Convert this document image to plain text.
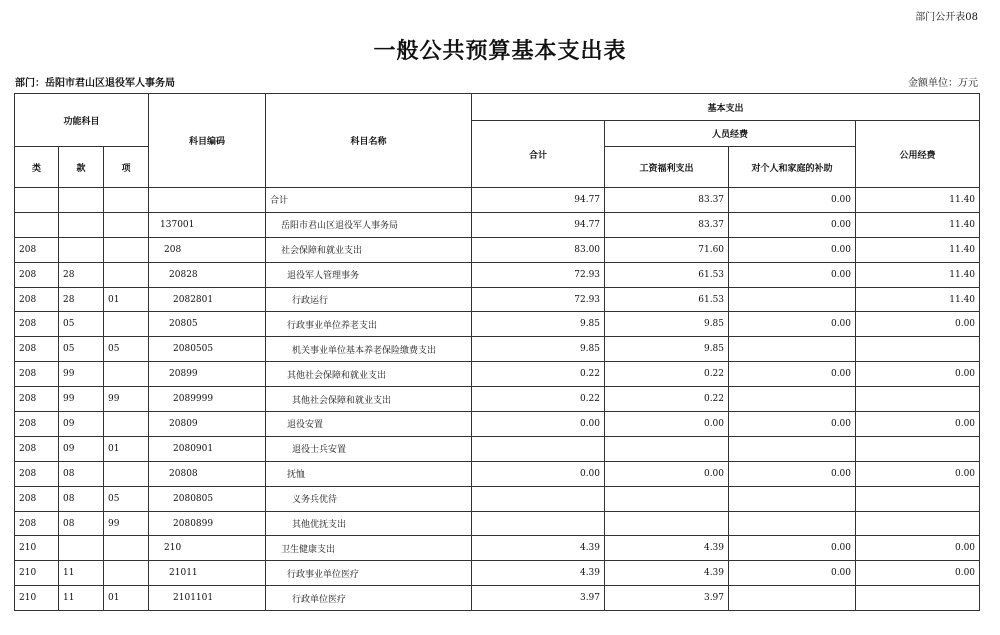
部门公开表08
一般公共预算基本支出表
部门：岳阳市君山区退役军人事务局	金额单位：万元
功能科目			科目编码	科目名称	基本支出			
					合计	人员经费		公用经费
类	款	项				工资福利支出	对个人和家庭的补助	
				合计	94.77	83.37	0.00	11.40
			137001	岳阳市君山区退役军人事务局	94.77	83.37	0.00	11.40
208			208	社会保障和就业支出	83.00	71.60	0.00	11.40
208	28		20828	退役军人管理事务	72.93	61.53	0.00	11.40
208	28	01	2082801	行政运行	72.93	61.53		11.40
208	05		20805	行政事业单位养老支出	9.85	9.85	0.00	0.00
208	05	05	2080505	机关事业单位基本养老保险缴费支出	9.85	9.85		
208	99		20899	其他社会保障和就业支出	0.22	0.22	0.00	0.00
208	99	99	2089999	其他社会保障和就业支出	0.22	0.22		
208	09		20809	退役安置	0.00	0.00	0.00	0.00
208	09	01	2080901	退役士兵安置				
208	08		20808	抚恤	0.00	0.00	0.00	0.00
208	08	05	2080805	义务兵优待				
208	08	99	2080899	其他优抚支出				
210			210	卫生健康支出	4.39	4.39	0.00	0.00
210	11		21011	行政事业单位医疗	4.39	4.39	0.00	0.00
210	11	01	2101101	行政单位医疗	3.97	3.97		
